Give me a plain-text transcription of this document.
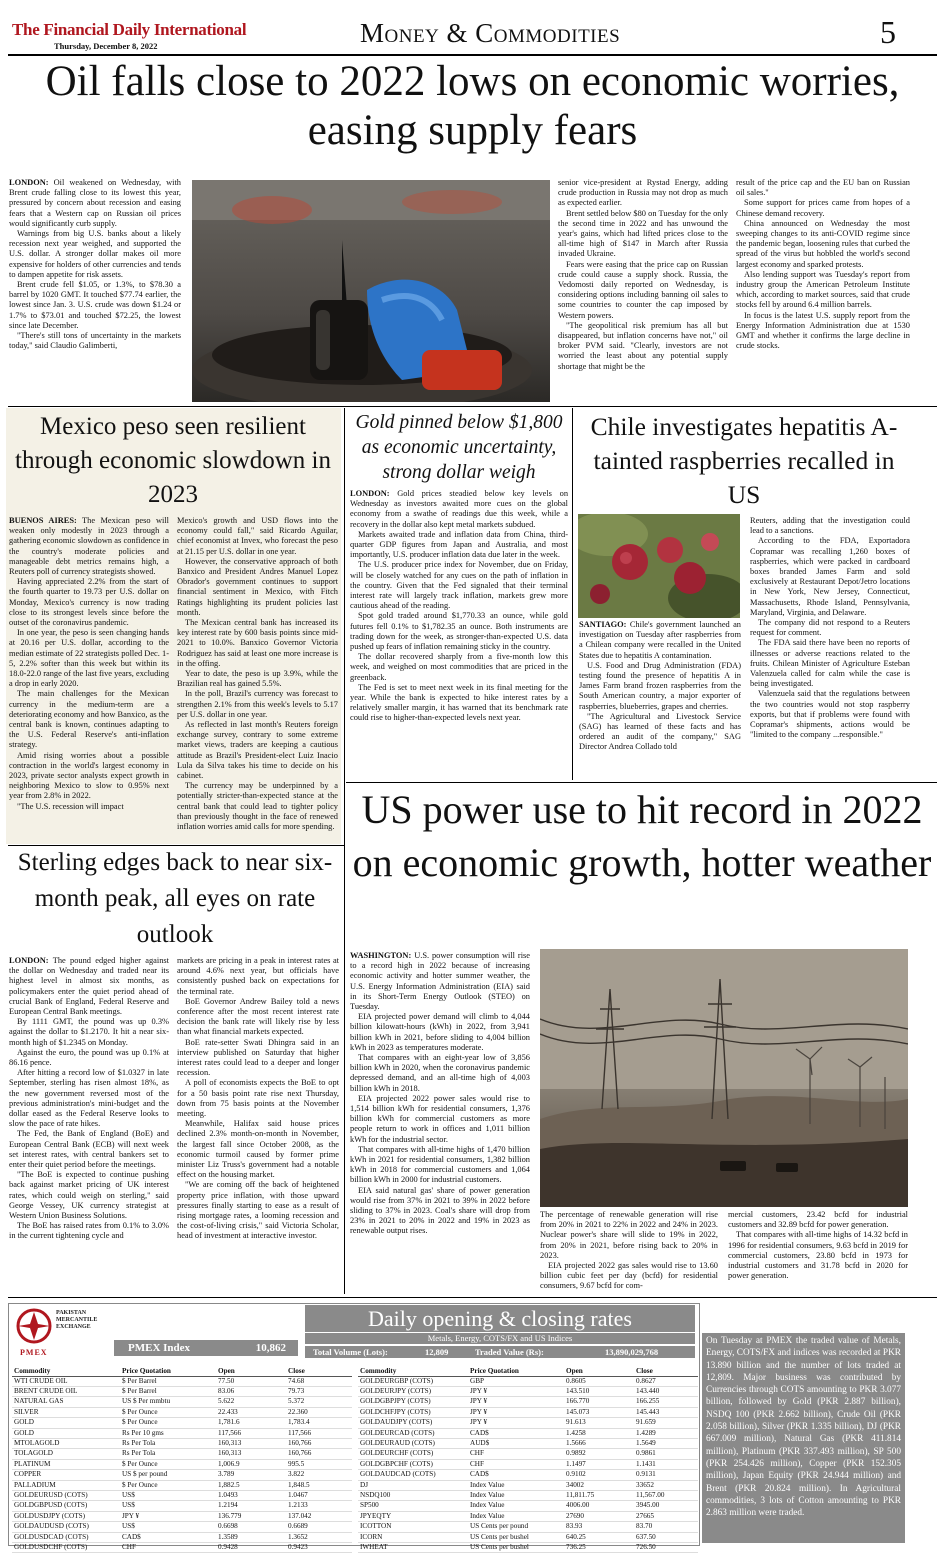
The Financial Daily International
Thursday, December 8, 2022	Money & Commodities	5
Oil falls close to 2022 lows on economic worries, easing supply fears

LONDON: Oil weakened on Wednesday, with Brent crude falling close to its lowest this year, pressured by concern about recession and easing fears that a Western cap on Russian oil prices would significantly curb supply.

Warnings from big U.S. banks about a likely recession next year weighed, and supported the U.S. dollar. A stronger dollar makes oil more expensive for holders of other currencies and tends to dampen appetite for risk assets.

Brent crude fell $1.05, or 1.3%, to $78.30 a barrel by 1020 GMT. It touched $77.74 earlier, the lowest since Jan. 3. U.S. crude was down $1.24 or 1.7% to $73.01 and touched $72.25, the lowest since late December.

"There's still tons of uncertainty in the markets today," said Claudio Galimberti,

senior vice-president at Rystad Energy, adding crude production in Russia may not drop as much as expected earlier.

Brent settled below $80 on Tuesday for the only the second time in 2022 and has unwound the year's gains, which had lifted prices close to the all-time high of $147 in March after Russia invaded Ukraine.

Fears were easing that the price cap on Russian crude could cause a supply shock. Russia, the Vedomosti daily reported on Wednesday, is considering options including banning oil sales to some countries to counter the cap imposed by Western powers.

"The geopolitical risk premium has all but disappeared, but inflation concerns have not," oil broker PVM said. "Clearly, investors are not worried the least about any potential supply shortage that might be the

result of the price cap and the EU ban on Russian oil sales."

Some support for prices came from hopes of a Chinese demand recovery.

China announced on Wednesday the most sweeping changes to its anti-COVID regime since the pandemic began, loosening rules that curbed the spread of the virus but hobbled the world's second largest economy and sparked protests.

Also lending support was Tuesday's report from industry group the American Petroleum Institute which, according to market sources, said that crude stocks fell by around 6.4 million barrels.

In focus is the latest U.S. supply report from the Energy Information Administration due at 1530 GMT and whether it confirms the large decline in crude stocks.

Mexico peso seen resilient through economic slowdown in 2023

BUENOS AIRES: The Mexican peso will weaken only modestly in 2023 through a gathering economic slowdown as confidence in the country's moderate policies and manageable debt metrics remains high, a Reuters poll of currency strategists showed.

Having appreciated 2.2% from the start of the fourth quarter to 19.73 per U.S. dollar on Monday, Mexico's currency is now trading close to its strongest levels since before the outset of the coronavirus pandemic.

In one year, the peso is seen changing hands at 20.16 per U.S. dollar, according to the median estimate of 22 strategists polled Dec. 1-5, 2.2% softer than this week but within its 18.0-22.0 range of the last five years, excluding a drop in early 2020.

The main challenges for the Mexican currency in the medium-term are a deteriorating economy and how Banxico, as the central bank is known, continues adapting to the U.S. Federal Reserve's anti-inflation strategy.

Amid rising worries about a possible contraction in the world's largest economy in 2023, private sector analysts expect growth in neighboring Mexico to slow to 0.95% next year from 2.8% in 2022.

"The U.S. recession will impact

Mexico's growth and USD flows into the economy could fall," said Ricardo Aguilar, chief economist at Invex, who forecast the peso at 21.15 per U.S. dollar in one year.

However, the conservative approach of both Banxico and President Andres Manuel Lopez Obrador's government continues to support financial sentiment in Mexico, with Fitch Ratings highlighting its prudent policies last month.

The Mexican central bank has increased its key interest rate by 600 basis points since mid-2021 to 10.0%. Banxico Governor Victoria Rodriguez has said at least one more increase is in the offing.

Year to date, the peso is up 3.9%, while the Brazilian real has gained 5.5%.

In the poll, Brazil's currency was forecast to strengthen 2.1% from this week's levels to 5.17 per U.S. dollar in one year.

As reflected in last month's Reuters foreign exchange survey, contrary to some extreme market views, traders are keeping a cautious attitude as Brazil's President-elect Luiz Inacio Lula da Silva takes his time to decide on his cabinet.

The currency may be underpinned by a potentially stricter-than-expected stance at the central bank that could lead to tighter policy than previously thought in the face of renewed inflation worries amid calls for more spending.

Gold pinned below $1,800 as economic uncertainty, strong dollar weigh

LONDON: Gold prices steadied below key levels on Wednesday as investors awaited more cues on the global economy from a swathe of readings due this week, while a recovery in the dollar also kept metal markets subdued.

Markets awaited trade and inflation data from China, third-quarter GDP figures from Japan and Australia, and most importantly, U.S. producer inflation data due later in the week.

The U.S. producer price index for November, due on Friday, will be closely watched for any cues on the path of inflation in the country. Given that the Fed signaled that their terminal interest rate will largely track inflation, markets grew more cautious ahead of the reading.

Spot gold traded around $1,770.33 an ounce, while gold futures fell 0.1% to $1,782.35 an ounce. Both instruments are trading down for the week, as stronger-than-expected U.S. data pushed up fears of inflation remaining sticky in the country.

The dollar recovered sharply from a five-month low this week, and weighed on most commodities that are priced in the greenback.

The Fed is set to meet next week in its final meeting for the year. While the bank is expected to hike interest rates by a relatively smaller margin, it has warned that its benchmark rate could rise to higher-than-expected levels next year.

Chile investigates hepatitis A-tainted raspberries recalled in US

SANTIAGO: Chile's government launched an investigation on Tuesday after raspberries from a Chilean company were recalled in the United States due to hepatitis A contamination.

U.S. Food and Drug Administration (FDA) testing found the presence of hepatitis A in James Farm brand frozen raspberries from the South American country, a major exporter of raspberries, blueberries, grapes and cherries.

"The Agricultural and Livestock Service (SAG) has learned of these facts and has ordered an audit of the company," SAG Director Andrea Collado told

Reuters, adding that the investigation could lead to a sanctions.

According to the FDA, Exportadora Copramar was recalling 1,260 boxes of raspberries, which were packed in cardboard boxes branded James Farm and sold exclusively at Restaurant Depot/Jetro locations in New York, New Jersey, Connecticut, Massachusetts, Rhode Island, Pennsylvania, Maryland, Virginia, and Delaware.

The company did not respond to a Reuters request for comment.

The FDA said there have been no reports of illnesses or adverse reactions related to the fruits. Chilean Minister of Agriculture Esteban Valenzuela called for calm while the case is being investigated.

Valenzuela said that the regulations between the two countries would not stop raspberry exports, but that if problems were found with Copramar's shipments, actions would be "limited to the company ...responsible."

Sterling edges back to near six-month peak, all eyes on rate outlook

LONDON: The pound edged higher against the dollar on Wednesday and traded near its highest level in almost six months, as policymakers enter the quiet period ahead of crucial Bank of England, Federal Reserve and European Central Bank meetings.

By 1111 GMT, the pound was up 0.3% against the dollar to $1.2170. It hit a near six-month high of $1.2345 on Monday.

Against the euro, the pound was up 0.1% at 86.16 pence.

After hitting a record low of $1.0327 in late September, sterling has risen almost 18%, as the new government reversed most of the previous administration's mini-budget and the dollar eased as the Federal Reserve looks to slow the pace of rate hikes.

The Fed, the Bank of England (BoE) and European Central Bank (ECB) will next week set interest rates, with central bankers set to enter their quiet period before the meetings.

"The BoE is expected to continue pushing back against market pricing of UK interest rates, which could weigh on sterling," said George Vessey, UK currency strategist at Western Union Business Solutions.

The BoE has raised rates from 0.1% to 3.0% in the current tightening cycle and

markets are pricing in a peak in interest rates at around 4.6% next year, but officials have consistently pushed back on expectations for the terminal rate.

BoE Governor Andrew Bailey told a news conference after the most recent interest rate decision the bank rate will likely rise by less than what financial markets expected.

BoE rate-setter Swati Dhingra said in an interview published on Saturday that higher interest rates could lead to a deeper and longer recession.

A poll of economists expects the BoE to opt for a 50 basis point rate rise next Thursday, down from 75 basis points at the November meeting.

Meanwhile, Halifax said house prices declined 2.3% month-on-month in November, the largest fall since October 2008, as the economic turmoil caused by former prime minister Liz Truss's government had a notable effect on the housing market.

"We are coming off the back of heightened property price inflation, with those upward pressures finally starting to ease as a result of rising mortgage rates, a looming recession and the cost-of-living crisis," said Victoria Scholar, head of investment at interactive investor.

US power use to hit record in 2022 on economic growth, hotter weather

WASHINGTON: U.S. power consumption will rise to a record high in 2022 because of increasing economic activity and hotter summer weather, the U.S. Energy Information Administration (EIA) said in its Short-Term Energy Outlook (STEO) on Tuesday.

EIA projected power demand will climb to 4,044 billion kilowatt-hours (kWh) in 2022, from 3,941 billion kWh in 2021, before sliding to 4,004 billion kWh in 2023 as temperatures moderate.

That compares with an eight-year low of 3,856 billion kWh in 2020, when the coronavirus pandemic depressed demand, and an all-time high of 4,003 billion kWh in 2018.

EIA projected 2022 power sales would rise to 1,514 billion kWh for residential consumers, 1,376 billion kWh for commercial customers as more people return to work in offices and 1,011 billion kWh for the industrial sector.

That compares with all-time highs of 1,470 billion kWh in 2021 for residential consumers, 1,382 billion kWh in 2018 for commercial customers and 1,064 billion kWh in 2000 for industrial customers.

EIA said natural gas' share of power generation would rise from 37% in 2021 to 39% in 2022 before sliding to 37% in 2023. Coal's share will drop from 23% in 2021 to 20% in 2022 and 19% in 2023 as renewable output rises.

The percentage of renewable generation will rise from 20% in 2021 to 22% in 2022 and 24% in 2023. Nuclear power's share will slide to 19% in 2022, from 20% in 2021, before rising back to 20% in 2023.

EIA projected 2022 gas sales would rise to 13.60 billion cubic feet per day (bcfd) for residential consumers, 9.67 bcfd for com-

mercial customers, 23.42 bcfd for industrial customers and 32.89 bcfd for power generation.

That compares with all-time highs of 14.32 bcfd in 1996 for residential consumers, 9.63 bcfd in 2019 for commercial customers, 23.80 bcfd in 1973 for industrial customers and 31.78 bcfd in 2020 for power generation.

PAKISTAN MERCANTILE EXCHANGE
PMEX
Daily opening & closing rates
PMEX Index	10,862
Metals, Energy, COTS/FX and US Indices
Total Volume (Lots):	12,809	Traded Value (Rs):	13,890,029,768
Commodity	Price Quotation	Open	Close
WTI CRUDE OIL	$ Per Barrel	77.50	74.68
BRENT CRUDE OIL	$ Per Barrel	83.06	79.73
NATURAL GAS	US $ Per mmbtu	5.622	5.372
SILVER	$ Per Ounce	22.433	22.360
GOLD	$ Per Ounce	1,781.6	1,783.4
GOLD	Rs Per 10 gms	117,566	117,566
MTOLAGOLD	Rs Per Tola	160,313	160,766
TOLAGOLD	Rs Per Tola	160,313	160,766
PLATINUM	$ Per Ounce	1,006.9	995.5
COPPER	US $ per pound	3.789	3.822
PALLADIUM	$ Per Ounce	1,882.5	1,848.5
GOLDEURUSD (COTS)	US$	1.0493	1.0467
GOLDGBPUSD (COTS)	US$	1.2194	1.2133
GOLDUSDJPY (COTS)	JPY ¥	136.779	137.042
GOLDAUDUSD (COTS)	US$	0.6698	0.6689
GOLDUSDCAD (COTS)	CAD$	1.3589	1.3652
GOLDUSDCHF (COTS)	CHF	0.9428	0.9423
Commodity	Price Quotation	Open	Close
GOLDEURGBP (COTS)	GBP	0.8605	0.8627
GOLDEURJPY (COTS)	JPY ¥	143.510	143.440
GOLDGBPJPY (COTS)	JPY ¥	166.770	166.255
GOLDCHFJPY (COTS)	JPY ¥	145.073	145.443
GOLDAUDJPY (COTS)	JPY ¥	91.613	91.659
GOLDEURCAD (COTS)	CAD$	1.4258	1.4289
GOLDEURAUD (COTS)	AUD$	1.5666	1.5649
GOLDEURCHF (COTS)	CHF	0.9892	0.9861
GOLDGBPCHF (COTS)	CHF	1.1497	1.1431
GOLDAUDCAD (COTS)	CAD$	0.9102	0.9131
DJ	Index Value	34002	33652
NSDQ100	Index Value	11,811.75	11,567.00
SP500	Index Value	4006.00	3945.00
JPYEQTY	Index Value	27690	27665
ICOTTON	US Cents per pound	83.93	83.70
ICORN	US Cents per bushel	640.25	637.50
IWHEAT	US Cents per bushel	736.25	726.50
On Tuesday at PMEX the traded value of Metals, Energy, COTS/FX and indices was recorded at PKR 13.890 billion and the number of lots traded at 12,809. Major business was contributed by Currencies through COTS amounting to PKR 3.077 billion, followed by Gold (PKR 2.887 billion), NSDQ 100 (PKR 2.662 billion), Crude Oil (PKR 2.058 billion), Silver (PKR 1.335 billion), DJ (PKR 667.009 million), Natural Gas (PKR 411.814 million), Platinum (PKR 337.493 million), SP 500 (PKR 254.426 million), Copper (PKR 152.305 million), Japan Equity (PKR 24.944 million) and Brent (PKR 20.824 million). In Agricultural commodities, 3 lots of Cotton amounting to PKR 2.863 million were traded.
